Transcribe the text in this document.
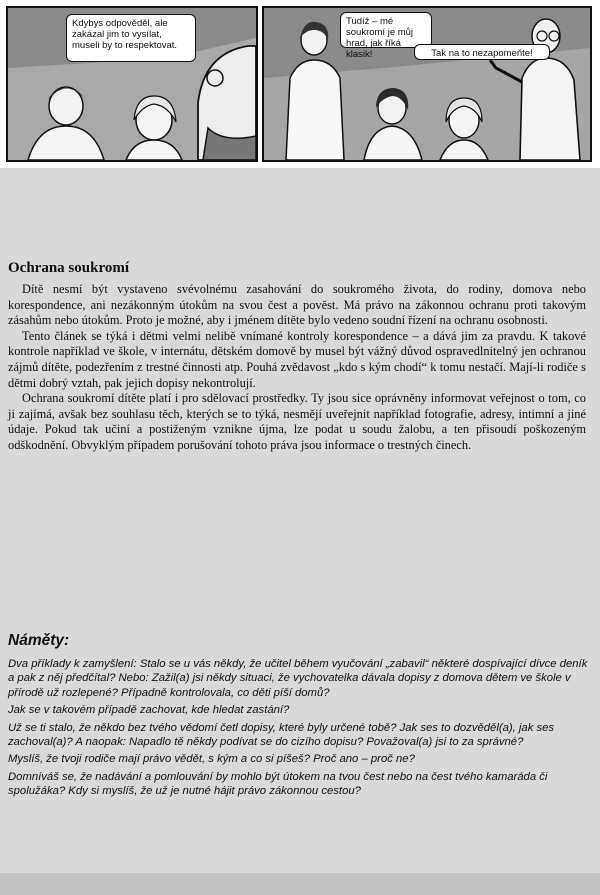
Kdybys odpověděl, ale zakázal jim to vysílat, museli by to respektovat.
Tudíž – mé soukromí je můj hrad, jak říká klasik!	Tak na to nezapomeňte!
Ochrana soukromí

Dítě nesmí být vystaveno svévolnému zasahování do soukromého života, do rodiny, domova nebo korespondence, ani nezákonným útokům na svou čest a pověst. Má právo na zákonnou ochranu proti takovým zásahům nebo útokům. Proto je možné, aby i jménem dítěte bylo vedeno soudní řízení na ochranu osobnosti.

Tento článek se týká i dětmi velmi nelibě vnímané kontroly korespondence – a dává jim za pravdu. K takové kontrole například ve škole, v internátu, dětském domově by musel být vážný důvod ospravedlnitelný jen ochranou zájmů dítěte, podezřením z trestné činnosti atp. Pouhá zvědavost „kdo s kým chodí“ k tomu nestačí. Mají-li rodiče s dětmi dobrý vztah, pak jejich dopisy nekontrolují.

Ochrana soukromí dítěte platí i pro sdělovací prostředky. Ty jsou sice oprávněny informovat veřejnost o tom, co ji zajímá, avšak bez souhlasu těch, kterých se to týká, nesmějí uveřejnit například fotografie, adresy, intimní a jiné údaje. Pokud tak učiní a postiženým vznikne újma, lze podat u soudu žalobu, a ten přisoudí poškozeným odškodnění. Obvyklým případem porušování tohoto práva jsou informace o trestných činech.

Náměty:

Dva příklady k zamyšlení: Stalo se u vás někdy, že učitel během vyučování „zabavil“ některé dospívající dívce deník a pak z něj předčítal? Nebo: Zažil(a) jsi někdy situaci, že vychovatelka dávala dopisy z domova dětem ve škole v přírodě už rozlepené? Případně kontrolovala, co děti píší domů?

Jak se v takovém případě zachovat, kde hledat zastání?

Už se ti stalo, že někdo bez tvého vědomí četl dopisy, které byly určené tobě? Jak ses to dozvěděl(a), jak ses zachoval(a)? A naopak: Napadlo tě někdy podívat se do cizího dopisu? Považoval(a) jsi to za správné?

Myslíš, že tvoji rodiče mají právo vědět, s kým a co si píšeš? Proč ano – proč ne?

Domníváš se, že nadávání a pomlouvání by mohlo být útokem na tvou čest nebo na čest tvého kamaráda či spolužáka? Kdy si myslíš, že už je nutné hájit právo zákonnou cestou?
